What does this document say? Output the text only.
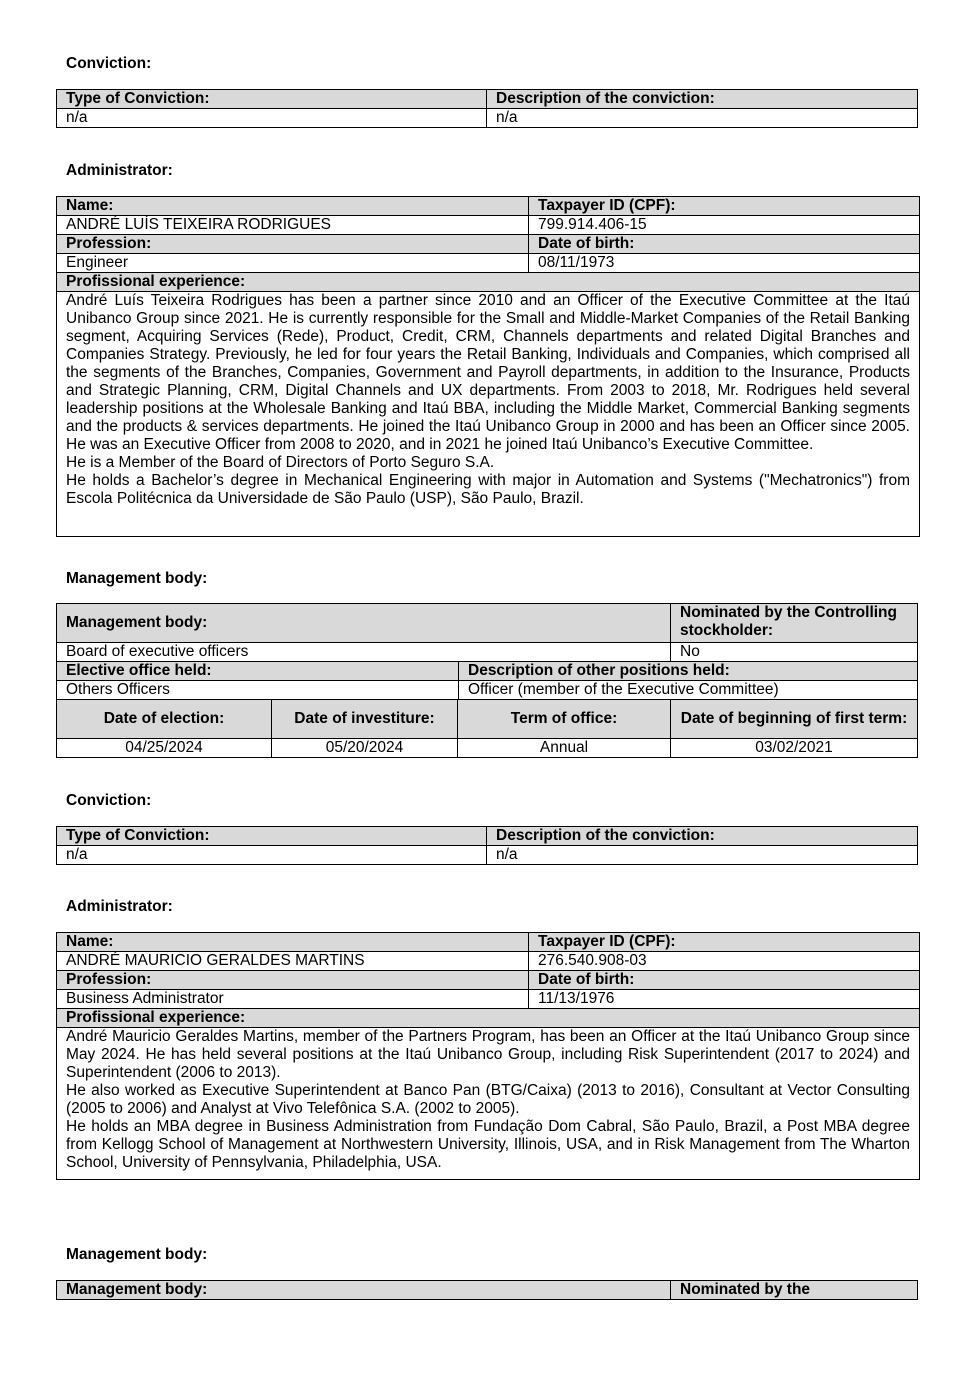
Conviction:
Type of Conviction:	Description of the conviction:
n/a	n/a
Administrator:
Name:	Taxpayer ID (CPF):
ANDRÉ LUÍS TEIXEIRA RODRIGUES	799.914.406-15
Profession:	Date of birth:
Engineer	08/11/1973
Profissional experience:	

André Luís Teixeira Rodrigues has been a partner since 2010 and an Officer of the Executive Committee at the Itaú Unibanco Group since 2021. He is currently responsible for the Small and Middle-Market Companies of the Retail Banking segment, Acquiring Services (Rede), Product, Credit, CRM, Channels departments and related Digital Branches and Companies Strategy. Previously, he led for four years the Retail Banking, Individuals and Companies, which comprised all the segments of the Branches, Companies, Government and Payroll departments, in addition to the Insurance, Products and Strategic Planning, CRM, Digital Channels and UX departments. From 2003 to 2018, Mr. Rodrigues held several leadership positions at the Wholesale Banking and Itaú BBA, including the Middle Market, Commercial Banking segments and the products & services departments. He joined the Itaú Unibanco Group in 2000 and has been an Officer since 2005. He was an Executive Officer from 2008 to 2020, and in 2021 he joined Itaú Unibanco’s Executive Committee.
He is a Member of the Board of Directors of Porto Seguro S.A.
He holds a Bachelor’s degree in Mechanical Engineering with major in Automation and Systems ("Mechatronics") from Escola Politécnica da Universidade de São Paulo (USP), São Paulo, Brazil.	
Management body:
Management body:	Nominated by the Controlling stockholder:
Board of executive officers	No
Elective office held:	Description of other positions held:
Others Officers	Officer (member of the Executive Committee)
Date of election:	Date of investiture:	Term of office:	Date of beginning of first term:
04/25/2024	05/20/2024	Annual	03/02/2021
Conviction:
Type of Conviction:	Description of the conviction:
n/a	n/a
Administrator:
Name:	Taxpayer ID (CPF):
ANDRÉ MAURICIO GERALDES MARTINS	276.540.908-03
Profession:	Date of birth:
Business Administrator	11/13/1976
Profissional experience:	

André Mauricio Geraldes Martins, member of the Partners Program, has been an Officer at the Itaú Unibanco Group since May 2024. He has held several positions at the Itaú Unibanco Group, including Risk Superintendent (2017 to 2024) and Superintendent (2006 to 2013).
He also worked as Executive Superintendent at Banco Pan (BTG/Caixa) (2013 to 2016), Consultant at Vector Consulting (2005 to 2006) and Analyst at Vivo Telefônica S.A. (2002 to 2005).
He holds an MBA degree in Business Administration from Fundação Dom Cabral, São Paulo, Brazil, a Post MBA degree from Kellogg School of Management at Northwestern University, Illinois, USA, and in Risk Management from The Wharton School, University of Pennsylvania, Philadelphia, USA.	
Management body:
Management body:	Nominated by the
